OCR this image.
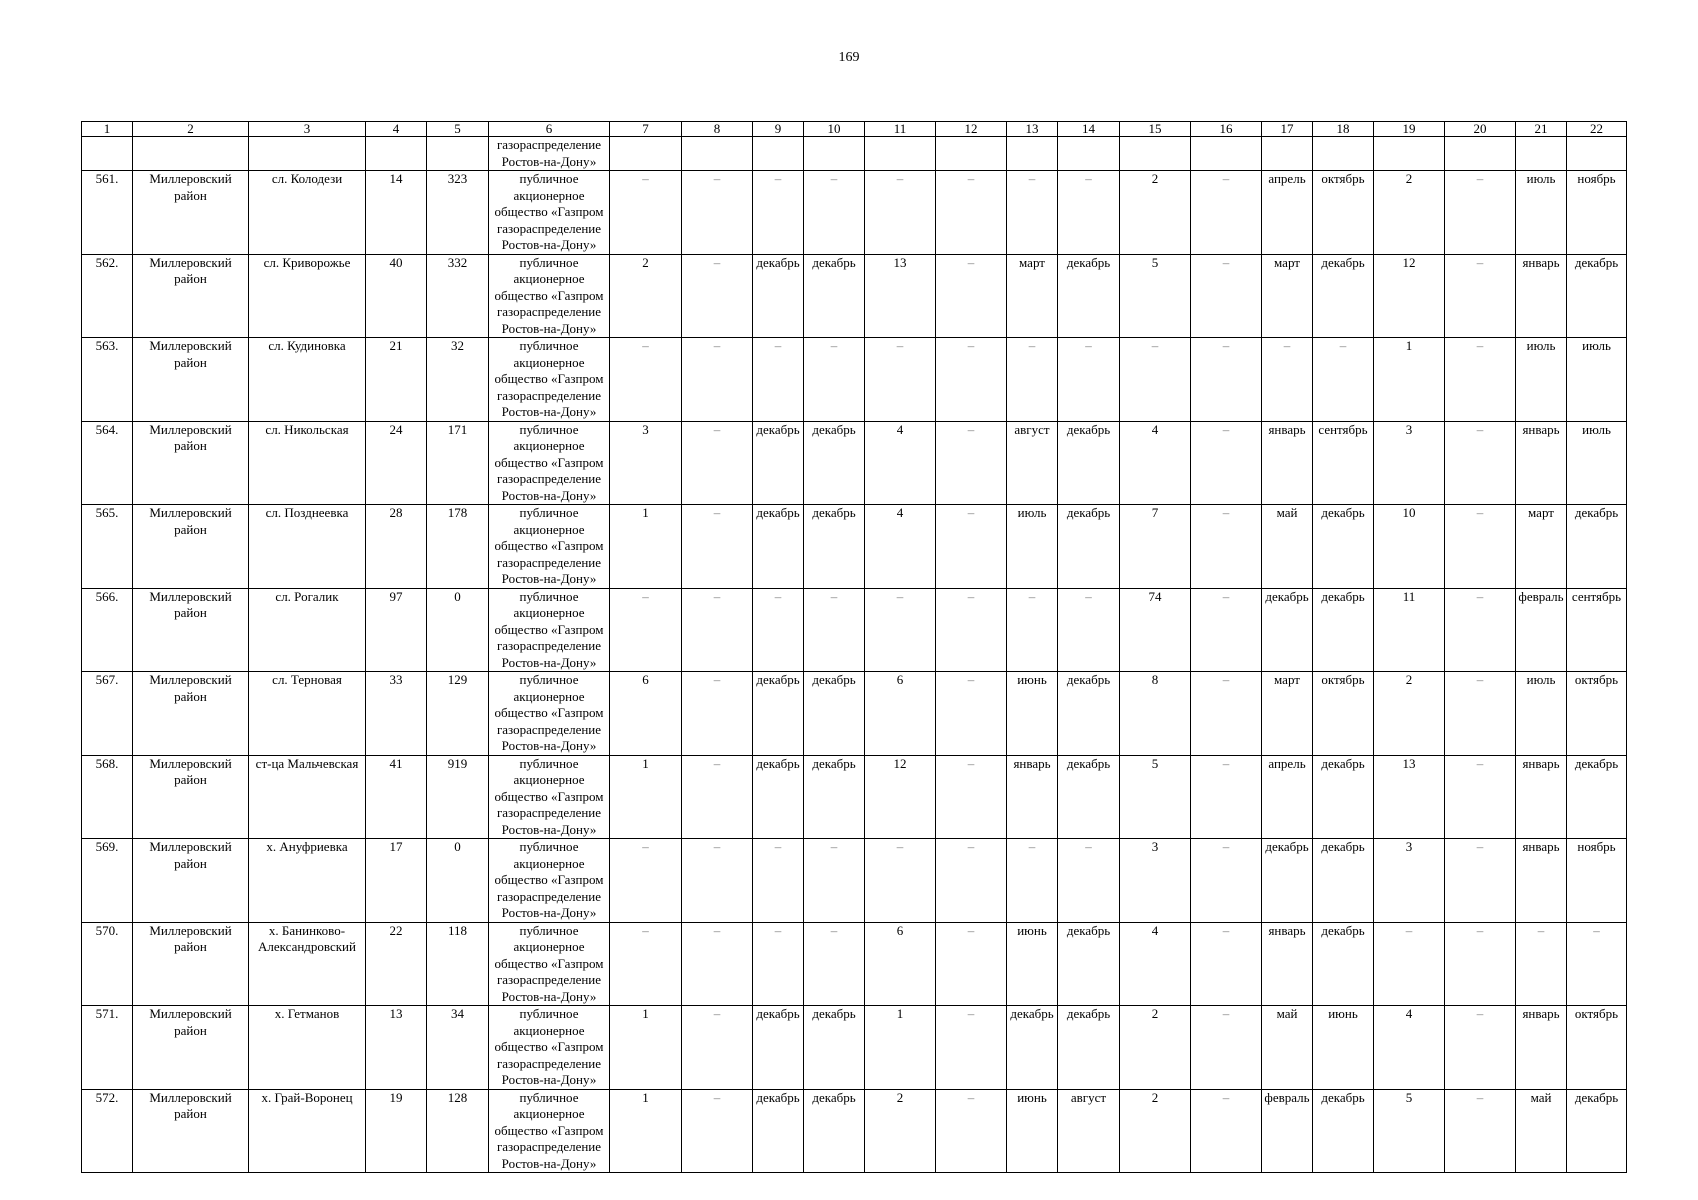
169
1	2	3	4	5	6	7	8	9	10	11	12	13	14	15	16	17	18	19	20	21	22
					газораспределение Ростов-на-Дону»																
561.	Миллеровский район	сл. Колодези	14	323	публичное акционерное общество «Газпром газораспределение Ростов-на-Дону»	–	–	–	–	–	–	–	–	2	–	апрель	октябрь	2	–	июль	ноябрь
562.	Миллеровский район	сл. Криворожье	40	332	публичное акционерное общество «Газпром газораспределение Ростов-на-Дону»	2	–	декабрь	декабрь	13	–	март	декабрь	5	–	март	декабрь	12	–	январь	декабрь
563.	Миллеровский район	сл. Кудиновка	21	32	публичное акционерное общество «Газпром газораспределение Ростов-на-Дону»	–	–	–	–	–	–	–	–	–	–	–	–	1	–	июль	июль
564.	Миллеровский район	сл. Никольская	24	171	публичное акционерное общество «Газпром газораспределение Ростов-на-Дону»	3	–	декабрь	декабрь	4	–	август	декабрь	4	–	январь	сентябрь	3	–	январь	июль
565.	Миллеровский район	сл. Позднеевка	28	178	публичное акционерное общество «Газпром газораспределение Ростов-на-Дону»	1	–	декабрь	декабрь	4	–	июль	декабрь	7	–	май	декабрь	10	–	март	декабрь
566.	Миллеровский район	сл. Рогалик	97	0	публичное акционерное общество «Газпром газораспределение Ростов-на-Дону»	–	–	–	–	–	–	–	–	74	–	декабрь	декабрь	11	–	февраль	сентябрь
567.	Миллеровский район	сл. Терновая	33	129	публичное акционерное общество «Газпром газораспределение Ростов-на-Дону»	6	–	декабрь	декабрь	6	–	июнь	декабрь	8	–	март	октябрь	2	–	июль	октябрь
568.	Миллеровский район	ст-ца Мальчевская	41	919	публичное акционерное общество «Газпром газораспределение Ростов-на-Дону»	1	–	декабрь	декабрь	12	–	январь	декабрь	5	–	апрель	декабрь	13	–	январь	декабрь
569.	Миллеровский район	х. Ануфриевка	17	0	публичное акционерное общество «Газпром газораспределение Ростов-на-Дону»	–	–	–	–	–	–	–	–	3	–	декабрь	декабрь	3	–	январь	ноябрь
570.	Миллеровский район	х. Банинково-Александровский	22	118	публичное акционерное общество «Газпром газораспределение Ростов-на-Дону»	–	–	–	–	6	–	июнь	декабрь	4	–	январь	декабрь	–	–	–	–
571.	Миллеровский район	х. Гетманов	13	34	публичное акционерное общество «Газпром газораспределение Ростов-на-Дону»	1	–	декабрь	декабрь	1	–	декабрь	декабрь	2	–	май	июнь	4	–	январь	октябрь
572.	Миллеровский район	х. Грай-Воронец	19	128	публичное акционерное общество «Газпром газораспределение Ростов-на-Дону»	1	–	декабрь	декабрь	2	–	июнь	август	2	–	февраль	декабрь	5	–	май	декабрь
